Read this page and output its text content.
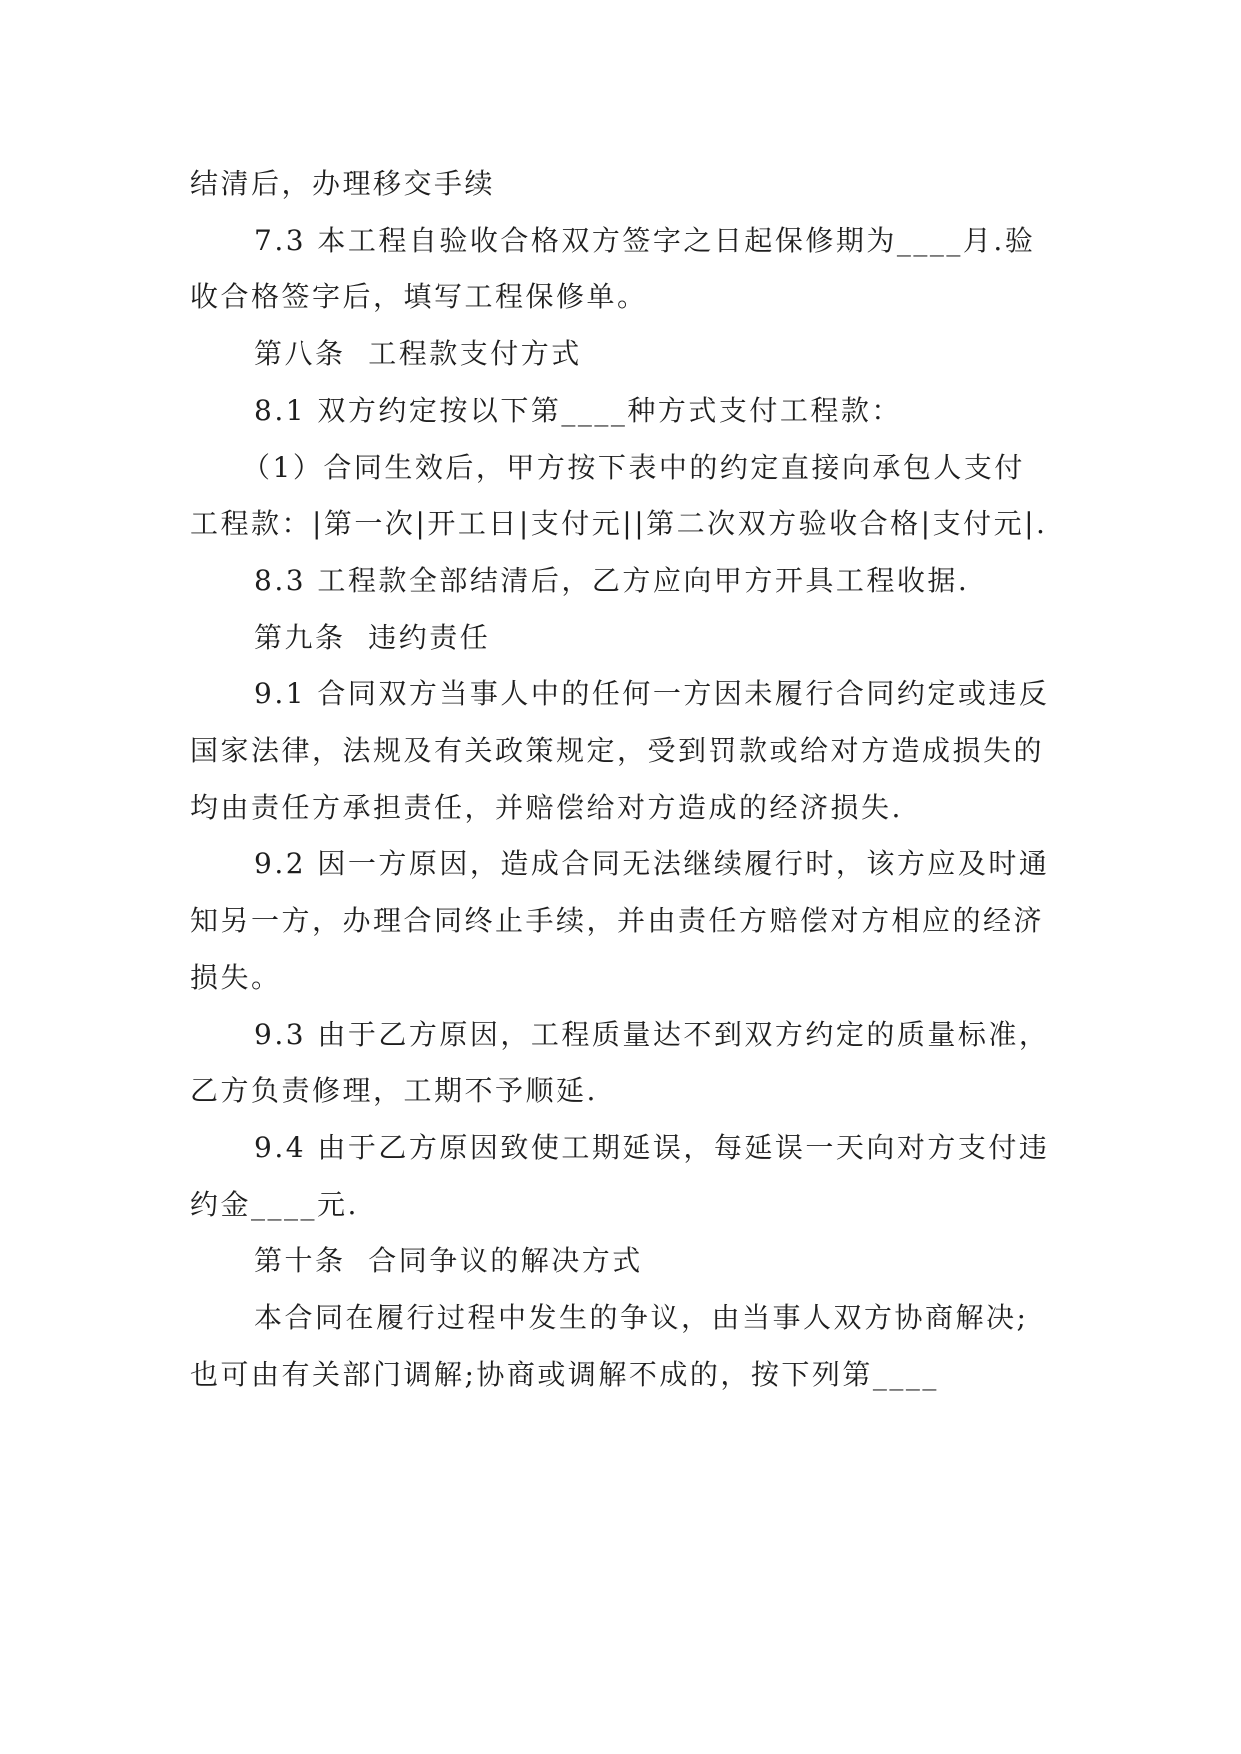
结清后，办理移交手续

7.3 本工程自验收合格双方签字之日起保修期为____月.验收合格签字后，填写工程保修单。

第八条  工程款支付方式

8.1 双方约定按以下第____种方式支付工程款：

（1）合同生效后，甲方按下表中的约定直接向承包人支付工程款：|第一次|开工日|支付元||第二次双方验收合格|支付元|.

8.3 工程款全部结清后，乙方应向甲方开具工程收据.

第九条  违约责任

9.1 合同双方当事人中的任何一方因未履行合同约定或违反国家法律，法规及有关政策规定，受到罚款或给对方造成损失的均由责任方承担责任，并赔偿给对方造成的经济损失.

9.2 因一方原因，造成合同无法继续履行时，该方应及时通知另一方，办理合同终止手续，并由责任方赔偿对方相应的经济损失。

9.3 由于乙方原因，工程质量达不到双方约定的质量标准，乙方负责修理，工期不予顺延.

9.4 由于乙方原因致使工期延误，每延误一天向对方支付违约金____元.

第十条  合同争议的解决方式

本合同在履行过程中发生的争议，由当事人双方协商解决;也可由有关部门调解;协商或调解不成的，按下列第____
